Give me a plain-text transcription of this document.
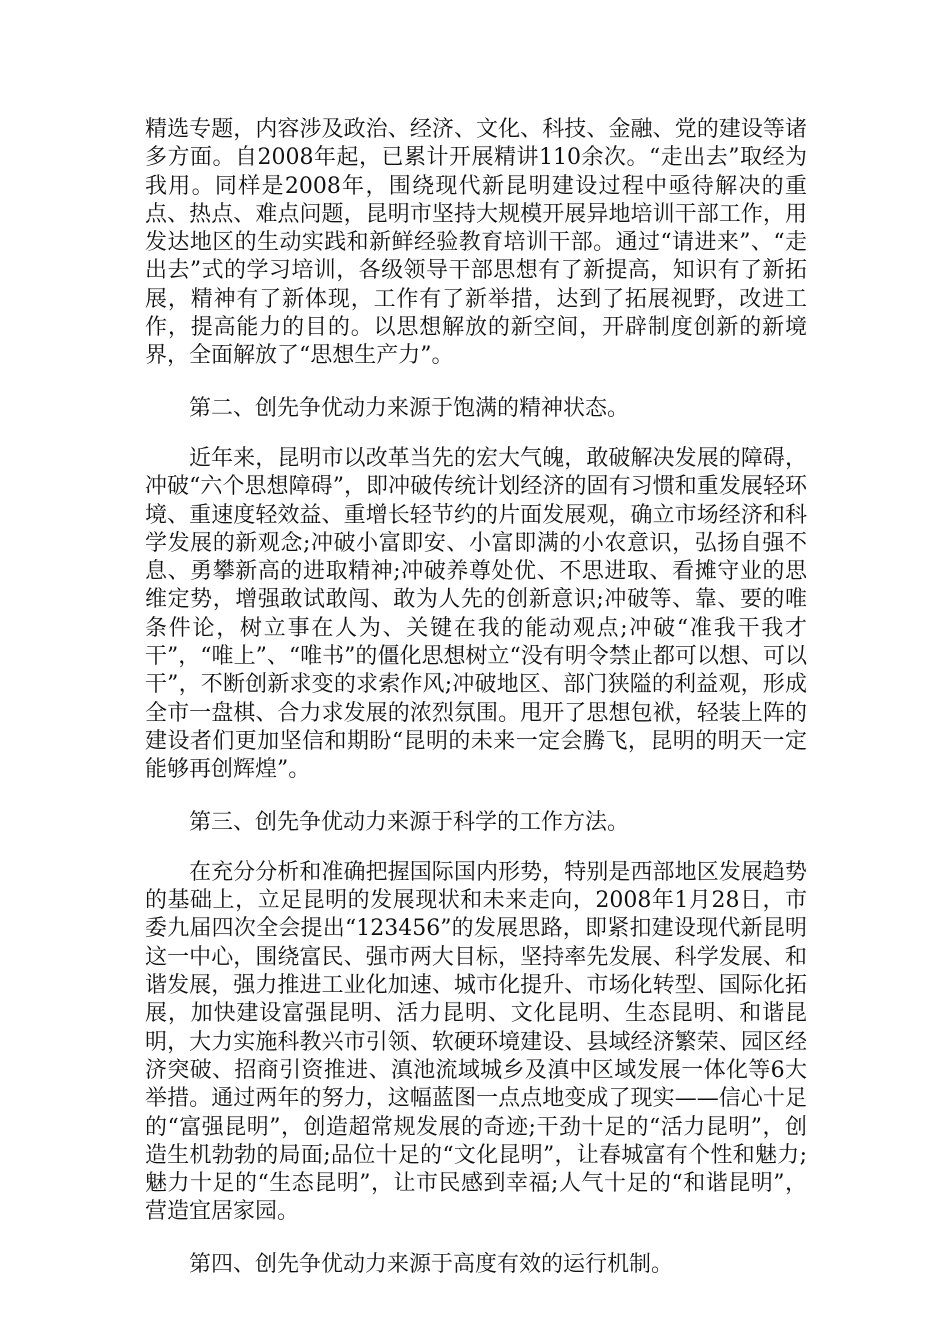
精选专题，内容涉及政治、经济、文化、科技、金融、党的建设等诸多方面。自2008年起，已累计开展精讲110余次。“走出去”取经为我用。同样是2008年，围绕现代新昆明建设过程中亟待解决的重点、热点、难点问题，昆明市坚持大规模开展异地培训干部工作，用发达地区的生动实践和新鲜经验教育培训干部。通过“请进来”、“走出去”式的学习培训，各级领导干部思想有了新提高，知识有了新拓展，精神有了新体现，工作有了新举措，达到了拓展视野，改进工作，提高能力的目的。以思想解放的新空间，开辟制度创新的新境界，全面解放了“思想生产力”。

第二、创先争优动力来源于饱满的精神状态。

近年来，昆明市以改革当先的宏大气魄，敢破解决发展的障碍，冲破“六个思想障碍”，即冲破传统计划经济的固有习惯和重发展轻环境、重速度轻效益、重增长轻节约的片面发展观，确立市场经济和科学发展的新观念;冲破小富即安、小富即满的小农意识，弘扬自强不息、勇攀新高的进取精神;冲破养尊处优、不思进取、看摊守业的思维定势，增强敢试敢闯、敢为人先的创新意识;冲破等、靠、要的唯条件论，树立事在人为、关键在我的能动观点;冲破“准我干我才干”，“唯上”、“唯书”的僵化思想树立“没有明令禁止都可以想、可以干”，不断创新求变的求索作风;冲破地区、部门狭隘的利益观，形成全市一盘棋、合力求发展的浓烈氛围。甩开了思想包袱，轻装上阵的建设者们更加坚信和期盼“昆明的未来一定会腾飞，昆明的明天一定能够再创辉煌”。

第三、创先争优动力来源于科学的工作方法。

在充分分析和准确把握国际国内形势，特别是西部地区发展趋势的基础上，立足昆明的发展现状和未来走向，2008年1月28日，市委九届四次全会提出“123456”的发展思路，即紧扣建设现代新昆明这一中心，围绕富民、强市两大目标，坚持率先发展、科学发展、和谐发展，强力推进工业化加速、城市化提升、市场化转型、国际化拓展，加快建设富强昆明、活力昆明、文化昆明、生态昆明、和谐昆明，大力实施科教兴市引领、软硬环境建设、县域经济繁荣、园区经济突破、招商引资推进、滇池流域城乡及滇中区域发展一体化等6大举措。通过两年的努力，这幅蓝图一点点地变成了现实——信心十足的“富强昆明”，创造超常规发展的奇迹;干劲十足的“活力昆明”，创造生机勃勃的局面;品位十足的“文化昆明”，让春城富有个性和魅力;魅力十足的“生态昆明”，让市民感到幸福;人气十足的“和谐昆明”，营造宜居家园。

第四、创先争优动力来源于高度有效的运行机制。
